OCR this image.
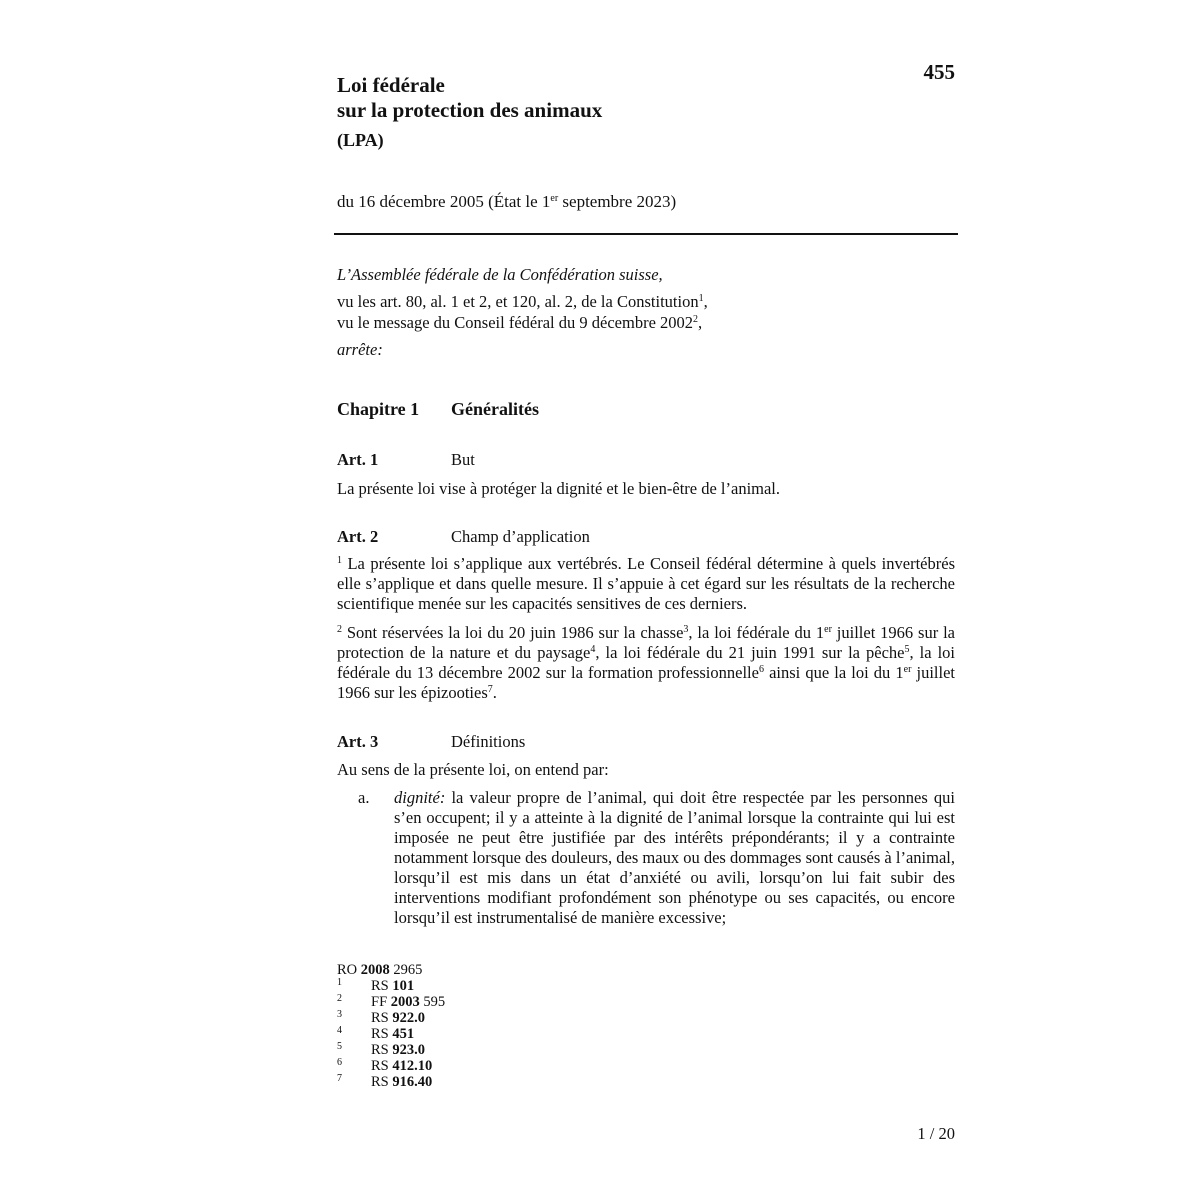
455
Loi fédérale
sur la protection des animaux
(LPA)
du 16 décembre 2005 (État le 1er septembre 2023)

L’Assemblée fédérale de la Confédération suisse,

vu les art. 80, al. 1 et 2, et 120, al. 2, de la Constitution$^1$,

vu le message du Conseil fédéral du 9 décembre 2002$^2$,

arrête:

Chapitre 1 Généralités
Art. 1	But

La présente loi vise à protéger la dignité et le bien-être de l’animal.

Art. 2	Champ d’application

$^1$ La présente loi s’applique aux vertébrés. Le Conseil fédéral détermine à quels invertébrés elle s’applique et dans quelle mesure. Il s’appuie à cet égard sur les résultats de la recherche scientifique menée sur les capacités sensitives de ces derniers.

$^2$ Sont réservées la loi du 20 juin 1986 sur la chasse$^3$, la loi fédérale du 1er juillet 1966 sur la protection de la nature et du paysage$^4$, la loi fédérale du 21 juin 1991 sur la pêche$^5$, la loi fédérale du 13 décembre 2002 sur la formation professionnelle$^6$ ainsi que la loi du 1er juillet 1966 sur les épizooties$^7$.

Art. 3	Définitions

Au sens de la présente loi, on entend par:

a.	dignité: la valeur propre de l’animal, qui doit être respectée par les personnes qui s’en occupent; il y a atteinte à la dignité de l’animal lorsque la contrainte qui lui est imposée ne peut être justifiée par des intérêts prépondérants; il y a contrainte notamment lorsque des douleurs, des maux ou des dommages sont causés à l’animal, lorsqu’il est mis dans un état d’anxiété ou avili, lorsqu’on lui fait subir des interventions modifiant profondément son phénotype ou ses capacités, ou encore lorsqu’il est instrumentalisé de manière excessive;
RO 2008 2965
1	RS 101
2	FF 2003 595
3	RS 922.0
4	RS 451
5	RS 923.0
6	RS 412.10
7	RS 916.40
1 / 20
